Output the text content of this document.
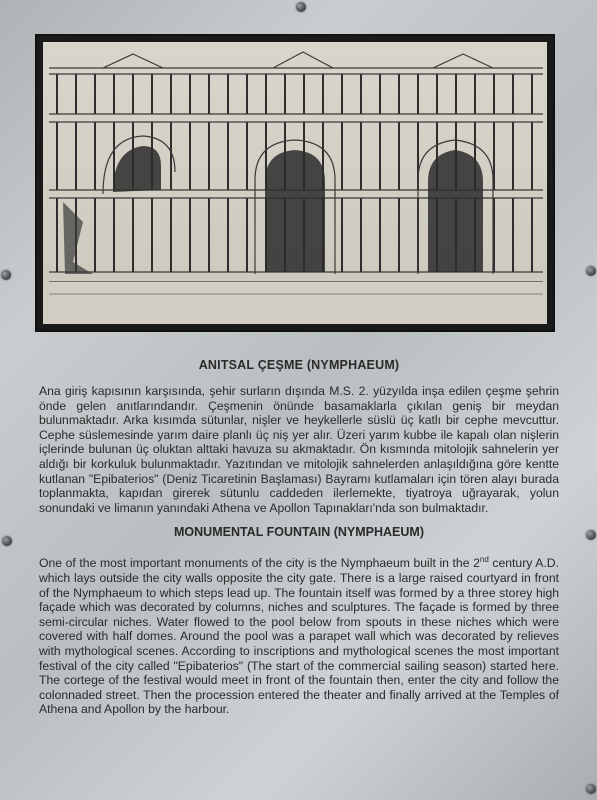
ANITSAL ÇEŞME (NYMPHAEUM)

Ana giriş kapısının karşısında, şehir surların dışında M.S. 2. yüzyılda inşa edilen çeşme şehrin önde gelen anıtlarındandır. Çeşmenin önünde basamaklarla çıkılan geniş bir meydan bulunmaktadır. Arka kısımda sütunlar, nişler ve heykellerle süslü üç katlı bir cephe mevcuttur. Cephe süslemesinde yarım daire planlı üç niş yer alır. Üzeri yarım kubbe ile kapalı olan nişlerin içlerinde bulunan üç oluktan alttaki havuza su akmaktadır. Ön kısmında mitolojik sahnelerin yer aldığı bir korkuluk bulunmaktadır. Yazıtından ve mitolojik sahnelerden anlaşıldığına göre kentte kutlanan "Epibaterios" (Deniz Ticaretinin Başlaması) Bayramı kutlamaları için tören alayı burada toplanmakta, kapıdan girerek sütunlu caddeden ilerlemekte, tiyatroya uğrayarak, yolun sonundaki ve limanın yanındaki Athena ve Apollon Tapınakları'nda son bulmaktadır.

MONUMENTAL FOUNTAIN (NYMPHAEUM)

One of the most important monuments of the city is the Nymphaeum built in the 2nd century A.D. which lays outside the city walls opposite the city gate. There is a large raised courtyard in front of the Nymphaeum to which steps lead up. The fountain itself was formed by a three storey high façade which was decorated by columns, niches and sculptures. The façade is formed by three semi-circular niches. Water flowed to the pool below from spouts in these niches which were covered with half domes. Around the pool was a parapet wall which was decorated by relieves with mythological scenes. According to inscriptions and mythological scenes the most important festival of the city called "Epibaterios" (The start of the commercial sailing season) started here. The cortege of the festival would meet in front of the fountain then, enter the city and follow the colonnaded street. Then the procession entered the theater and finally arrived at the Temples of Athena and Apollon by the harbour.
